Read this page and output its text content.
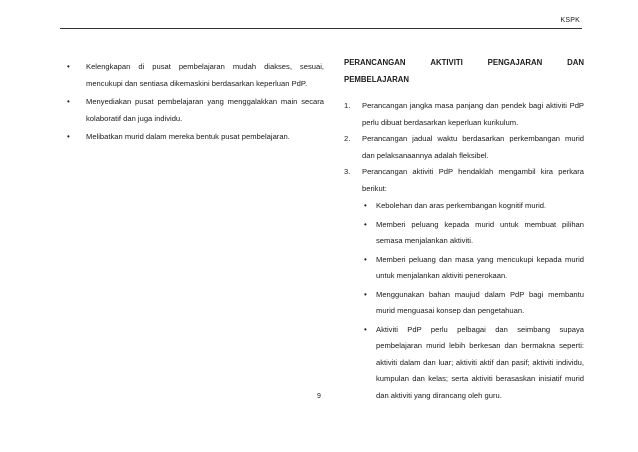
KSPK
• Kelengkapan di pusat pembelajaran mudah diakses, sesuai, mencukupi dan sentiasa dikemaskini berdasarkan keperluan PdP.
• Menyediakan pusat pembelajaran yang menggalakkan main secara kolaboratif dan juga individu.
• Melibatkan murid dalam mereka bentuk pusat pembelajaran.
PERANCANGAN	AKTIVITI	PENGAJARAN	DAN
PEMBELAJARAN
1. Perancangan jangka masa panjang dan pendek bagi aktiviti PdP perlu dibuat berdasarkan keperluan kurikulum.
2. Perancangan jadual waktu berdasarkan perkembangan murid dan pelaksanaannya adalah fleksibel.
3. Perancangan aktiviti PdP hendaklah mengambil kira perkara berikut:
• Kebolehan dan aras perkembangan kognitif murid.
• Memberi peluang kepada murid untuk membuat pilihan semasa menjalankan aktiviti.
• Memberi peluang dan masa yang mencukupi kepada murid untuk menjalankan aktiviti penerokaan.
• Menggunakan bahan maujud dalam PdP bagi membantu murid menguasai konsep dan pengetahuan.
• Aktiviti PdP perlu pelbagai dan seimbang supaya pembelajaran murid lebih berkesan dan bermakna seperti: aktiviti dalam dan luar; aktiviti aktif dan pasif; aktiviti individu, kumpulan dan kelas; serta aktiviti berasaskan inisiatif murid dan aktiviti yang dirancang oleh guru.
9
